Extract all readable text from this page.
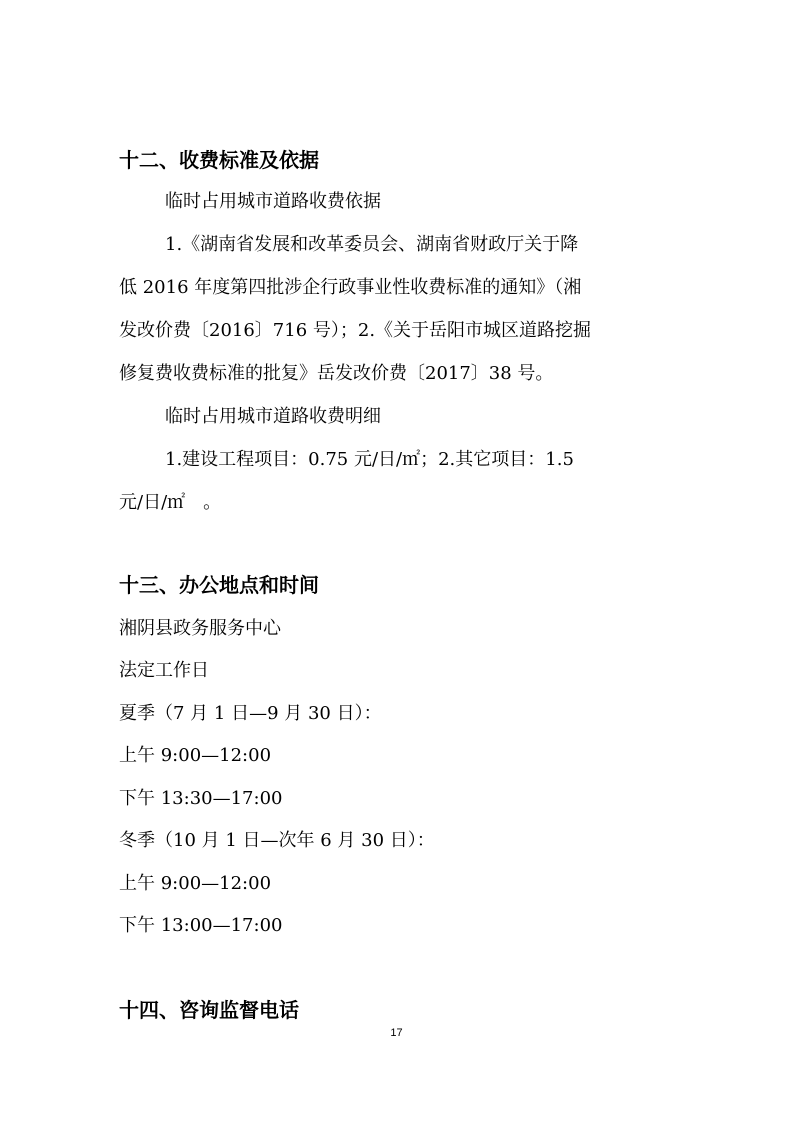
十二、收费标准及依据
临时占用城市道路收费依据
1.《湖南省发展和改革委员会、湖南省财政厅关于降
低 2016 年度第四批涉企行政事业性收费标准的通知》（湘
发改价费〔2016〕716 号）；2.《关于岳阳市城区道路挖掘
修复费收费标准的批复》岳发改价费〔2017〕38 号。
临时占用城市道路收费明细
1.建设工程项目：0.75 元/日/㎡；2.其它项目：1.5
元/日/㎡　。
十三、办公地点和时间
湘阴县政务服务中心
法定工作日
夏季（7 月 1 日—9 月 30 日）：
上午 9:00—12:00
下午 13:30—17:00
冬季（10 月 1 日—次年 6 月 30 日）：
上午 9:00—12:00
下午 13:00—17:00
十四、咨询监督电话
17
